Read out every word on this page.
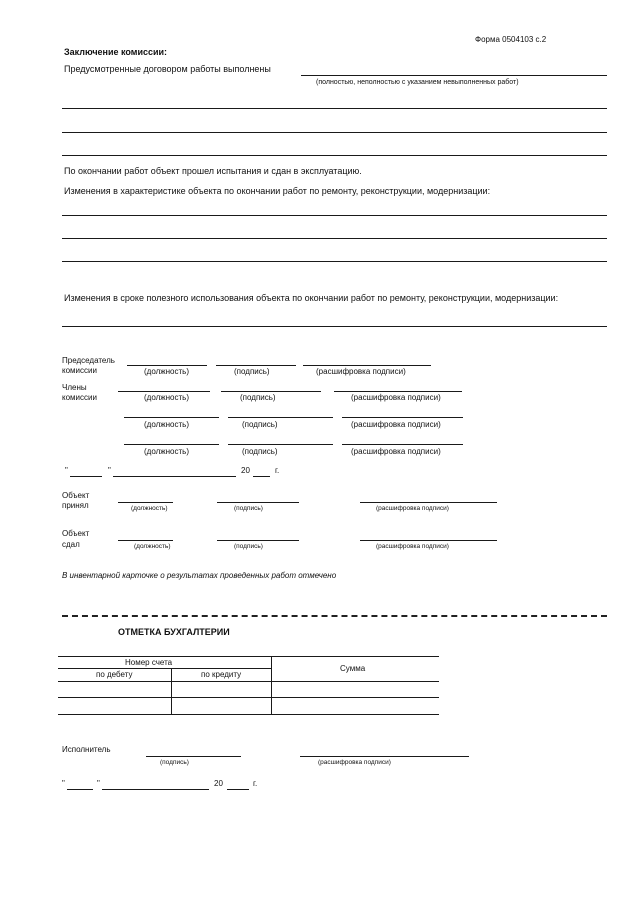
Форма 0504103 с.2
Заключение комиссии:
Предусмотренные договором работы выполнены
(полностью, неполностью с указанием невыполненных работ)
По окончании работ объект прошел испытания и сдан в эксплуатацию.
Изменения в характеристике объекта по окончании работ по ремонту, реконструкции, модернизации:
Изменения в сроке полезного использования объекта по окончании работ по ремонту, реконструкции, модернизации:
Председатель
комиссии	(должность)	(подпись)	(расшифровка подписи)
Члены
комиссии	(должность)	(подпись)	(расшифровка подписи)
(должность)	(подпись)	(расшифровка подписи)
(должность)	(подпись)	(расшифровка подписи)
"	"	20	г.
Объект
принял	(должность)	(подпись)	(расшифровка подписи)
Объект
сдал	(должность)	(подпись)	(расшифровка подписи)
В инвентарной карточке о результатах проведенных работ отмечено
ОТМЕТКА БУХГАЛТЕРИИ
Номер счета
по дебету	по кредиту
Сумма
Исполнитель
(подпись)	(расшифровка подписи)
"	"	20	г.
